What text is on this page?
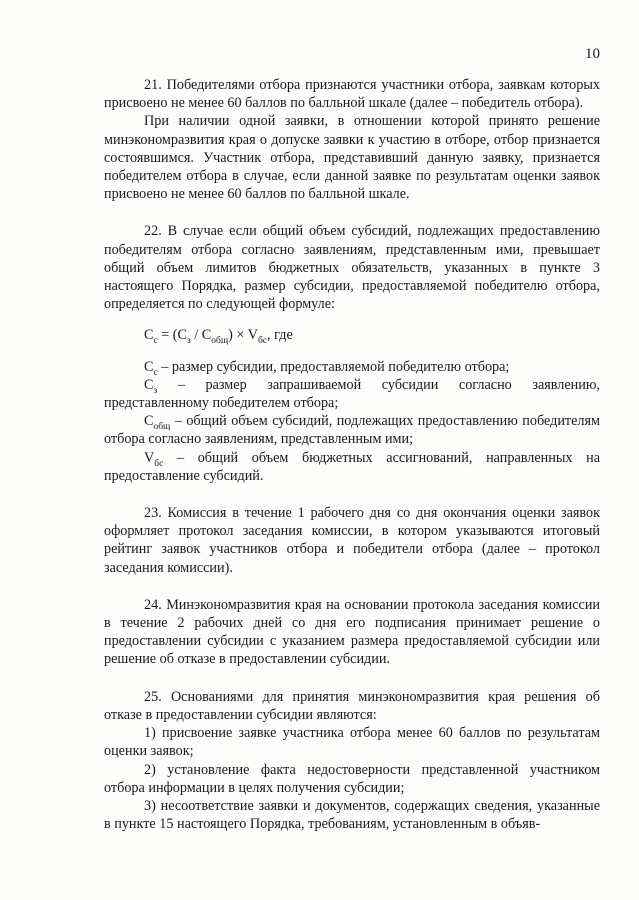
10

21. Победителями отбора признаются участники отбора, заявкам которых присвоено не менее 60 баллов по балльной шкале (далее – победитель отбора).

При наличии одной заявки, в отношении которой принято решение минэкономразвития края о допуске заявки к участию в отборе, отбор признается состоявшимся. Участник отбора, представивший данную заявку, признается победителем отбора в случае, если данной заявке по результатам оценки заявок присвоено не менее 60 баллов по балльной шкале.

22. В случае если общий объем субсидий, подлежащих предоставлению победителям отбора согласно заявлениям, представленным ими, превышает общий объем лимитов бюджетных обязательств, указанных в пункте 3 настоящего Порядка, размер субсидии, предоставляемой победителю отбора, определяется по следующей формуле:

$C_c = (C_з / C_{общ}) \times V_{бс}$, где

$C_с$ – размер субсидии, предоставляемой победителю отбора;

$C_з$ – размер запрашиваемой субсидии согласно заявлению, представленному победителем отбора;

$C_{общ}$ – общий объем субсидий, подлежащих предоставлению победителям отбора согласно заявлениям, представленным ими;

$V_{бс}$ – общий объем бюджетных ассигнований, направленных на предоставление субсидий.

23. Комиссия в течение 1 рабочего дня со дня окончания оценки заявок оформляет протокол заседания комиссии, в котором указываются итоговый рейтинг заявок участников отбора и победители отбора (далее – протокол заседания комиссии).

24. Минэкономразвития края на основании протокола заседания комиссии в течение 2 рабочих дней со дня его подписания принимает решение о предоставлении субсидии с указанием размера предоставляемой субсидии или решение об отказе в предоставлении субсидии.

25. Основаниями для принятия минэкономразвития края решения об отказе в предоставлении субсидии являются:

1) присвоение заявке участника отбора менее 60 баллов по результатам оценки заявок;

2) установление факта недостоверности представленной участником отбора информации в целях получения субсидии;

3) несоответствие заявки и документов, содержащих сведения, указанные в пункте 15 настоящего Порядка, требованиям, установленным в объяв-
